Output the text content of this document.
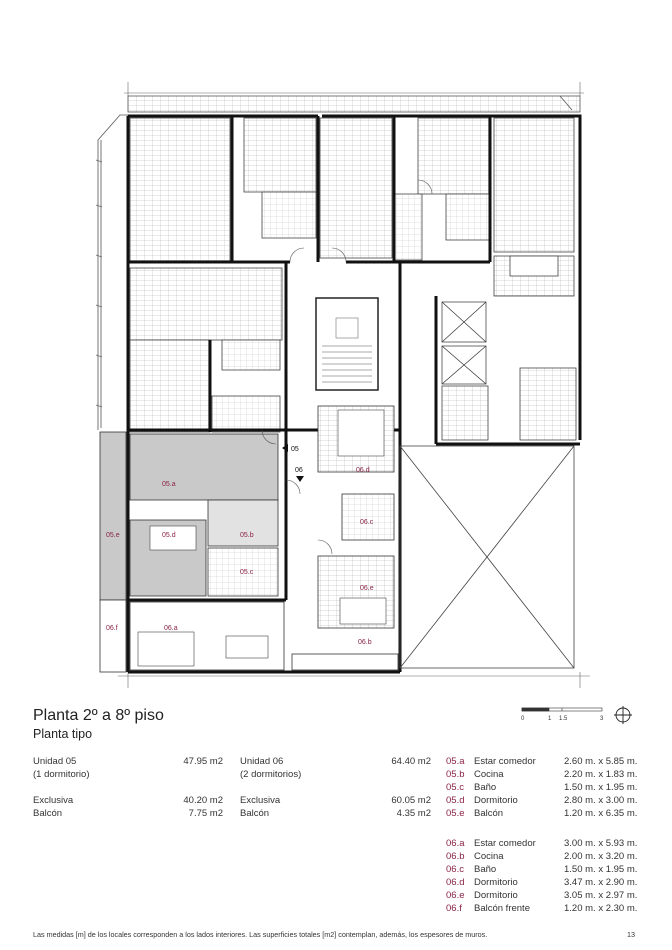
05.a
05.b
05.c
05.d
05.e
06.a
06.b
06.c
06.d
06.e
06.f
05
06
0	1 1.5	3
Planta 2º a 8º piso
Planta tipo
Unidad 05	47.95 m2
(1 dormitorio)
Exclusiva	40.20 m2
Balcón	7.75 m2
Unidad 06	64.40 m2
(2 dormitorios)
Exclusiva	60.05 m2
Balcón	4.35 m2
05.a Estar comedor	2.60 m. x 5.85 m.
05.b Cocina	2.20 m. x 1.83 m.
05.c Baño	1.50 m. x 1.95 m.
05.d Dormitorio	2.80 m. x 3.00 m.
05.e Balcón	1.20 m. x 6.35 m.
06.a Estar comedor	3.00 m. x 5.93 m.
06.b Cocina	2.00 m. x 3.20 m.
06.c Baño	1.50 m. x 1.95 m.
06.d Dormitorio	3.47 m. x 2.90 m.
06.e Dormitorio	3.05 m. x 2.97 m.
06.f Balcón frente	1.20 m. x 2.30 m.
Las medidas [m] de los locales corresponden a los lados interiores. Las superficies totales [m2] contemplan, además, los espesores de muros.	13
